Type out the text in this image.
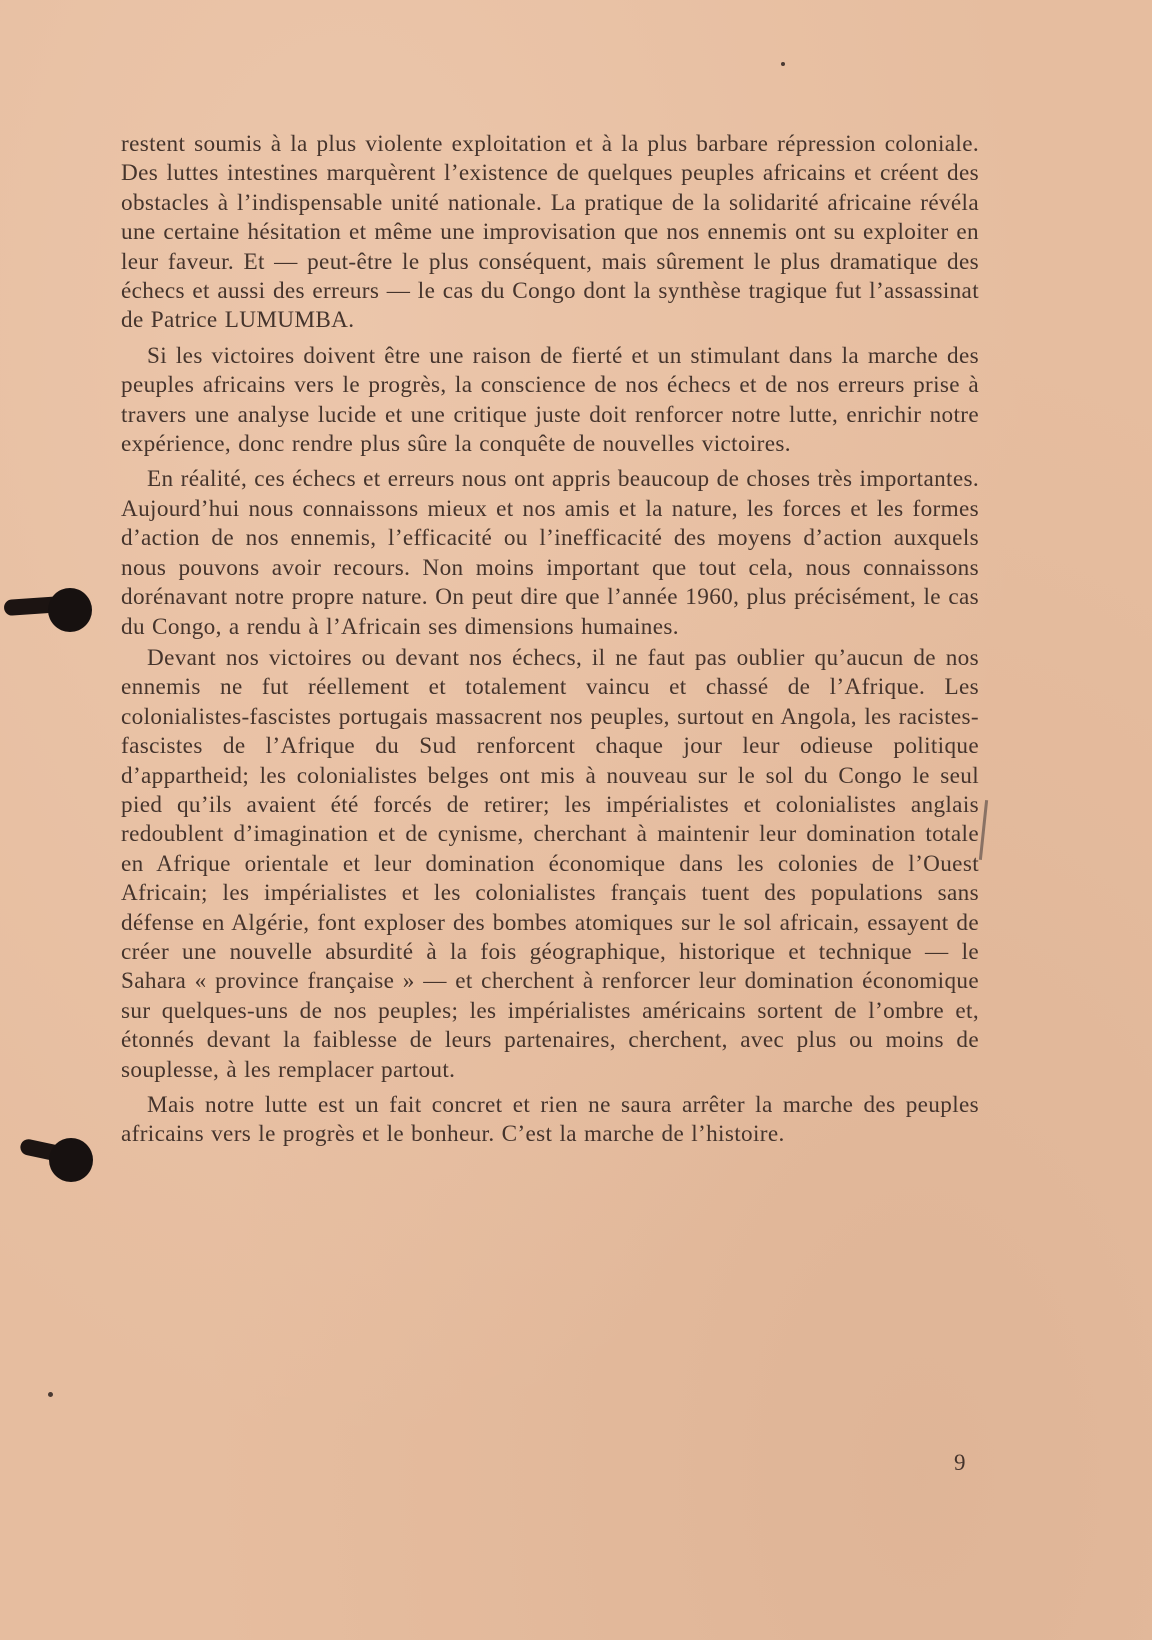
restent soumis à la plus violente exploitation et à la plus barbare répression coloniale. Des luttes intestines marquèrent l’existence de quelques peuples africains et créent des obstacles à l’indispensable unité nationale. La pratique de la solidarité africaine révéla une certaine hésitation et même une improvisation que nos ennemis ont su exploiter en leur faveur. Et — peut-être le plus conséquent, mais sûrement le plus dramatique des échecs et aussi des erreurs — le cas du Congo dont la synthèse tragique fut l’assassinat de Patrice LUMUMBA.

Si les victoires doivent être une raison de fierté et un stimulant dans la marche des peuples africains vers le progrès, la conscience de nos échecs et de nos erreurs prise à travers une analyse lucide et une critique juste doit renforcer notre lutte, enrichir notre expérience, donc rendre plus sûre la conquête de nouvelles victoires.

En réalité, ces échecs et erreurs nous ont appris beaucoup de choses très importantes. Aujourd’hui nous connaissons mieux et nos amis et la nature, les forces et les formes d’action de nos ennemis, l’efficacité ou l’inefficacité des moyens d’action auxquels nous pouvons avoir recours. Non moins important que tout cela, nous connaissons dorénavant notre propre nature. On peut dire que l’année 1960, plus précisément, le cas du Congo, a rendu à l’Africain ses dimensions humaines.

Devant nos victoires ou devant nos échecs, il ne faut pas oublier qu’aucun de nos ennemis ne fut réellement et totalement vaincu et chassé de l’Afrique. Les colonialistes-fascistes portugais massacrent nos peuples, surtout en Angola, les racistes-fascistes de l’Afrique du Sud renforcent chaque jour leur odieuse politique d’appartheid; les colonialistes belges ont mis à nouveau sur le sol du Congo le seul pied qu’ils avaient été forcés de retirer; les impérialistes et colonialistes anglais redoublent d’imagination et de cynisme, cherchant à maintenir leur domination totale en Afrique orientale et leur domination économique dans les colonies de l’Ouest Africain; les impérialistes et les colonialistes français tuent des populations sans défense en Algérie, font exploser des bombes atomiques sur le sol africain, essayent de créer une nouvelle absurdité à la fois géographique, historique et technique — le Sahara « province française » — et cherchent à renforcer leur domination économique sur quelques-uns de nos peuples; les impérialistes américains sortent de l’ombre et, étonnés devant la faiblesse de leurs partenaires, cherchent, avec plus ou moins de souplesse, à les remplacer partout.

Mais notre lutte est un fait concret et rien ne saura arrêter la marche des peuples africains vers le progrès et le bonheur. C’est la marche de l’histoire.

9
